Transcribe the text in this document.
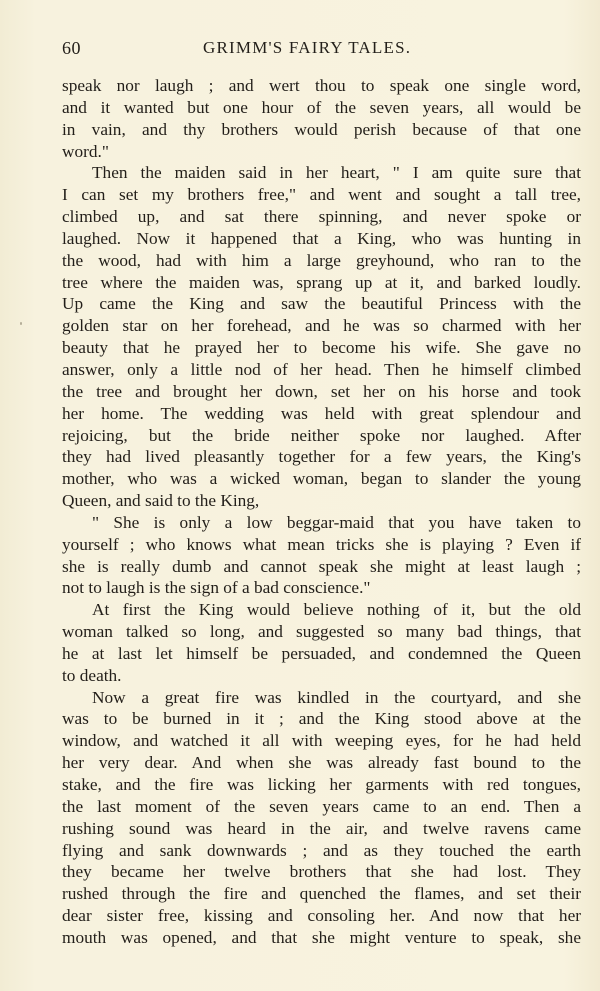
60	GRIMM'S FAIRY TALES.
speak nor laugh ; and wert thou to speak one single word,
and it wanted but one hour of the seven years, all would be
in vain, and thy brothers would perish because of that one
word."
Then the maiden said in her heart, " I am quite sure that
I can set my brothers free," and went and sought a tall tree,
climbed up, and sat there spinning, and never spoke or
laughed. Now it happened that a King, who was hunting in
the wood, had with him a large greyhound, who ran to the
tree where the maiden was, sprang up at it, and barked loudly.
Up came the King and saw the beautiful Princess with the
golden star on her forehead, and he was so charmed with her
beauty that he prayed her to become his wife. She gave no
answer, only a little nod of her head. Then he himself climbed
the tree and brought her down, set her on his horse and took
her home. The wedding was held with great splendour and
rejoicing, but the bride neither spoke nor laughed. After
they had lived pleasantly together for a few years, the King's
mother, who was a wicked woman, began to slander the young
Queen, and said to the King,
" She is only a low beggar-maid that you have taken to
yourself ; who knows what mean tricks she is playing ? Even if
she is really dumb and cannot speak she might at least laugh ;
not to laugh is the sign of a bad conscience."
At first the King would believe nothing of it, but the old
woman talked so long, and suggested so many bad things, that
he at last let himself be persuaded, and condemned the Queen
to death.
Now a great fire was kindled in the courtyard, and she
was to be burned in it ; and the King stood above at the
window, and watched it all with weeping eyes, for he had held
her very dear. And when she was already fast bound to the
stake, and the fire was licking her garments with red tongues,
the last moment of the seven years came to an end. Then a
rushing sound was heard in the air, and twelve ravens came
flying and sank downwards ; and as they touched the earth
they became her twelve brothers that she had lost. They
rushed through the fire and quenched the flames, and set their
dear sister free, kissing and consoling her. And now that her
mouth was opened, and that she might venture to speak, she
